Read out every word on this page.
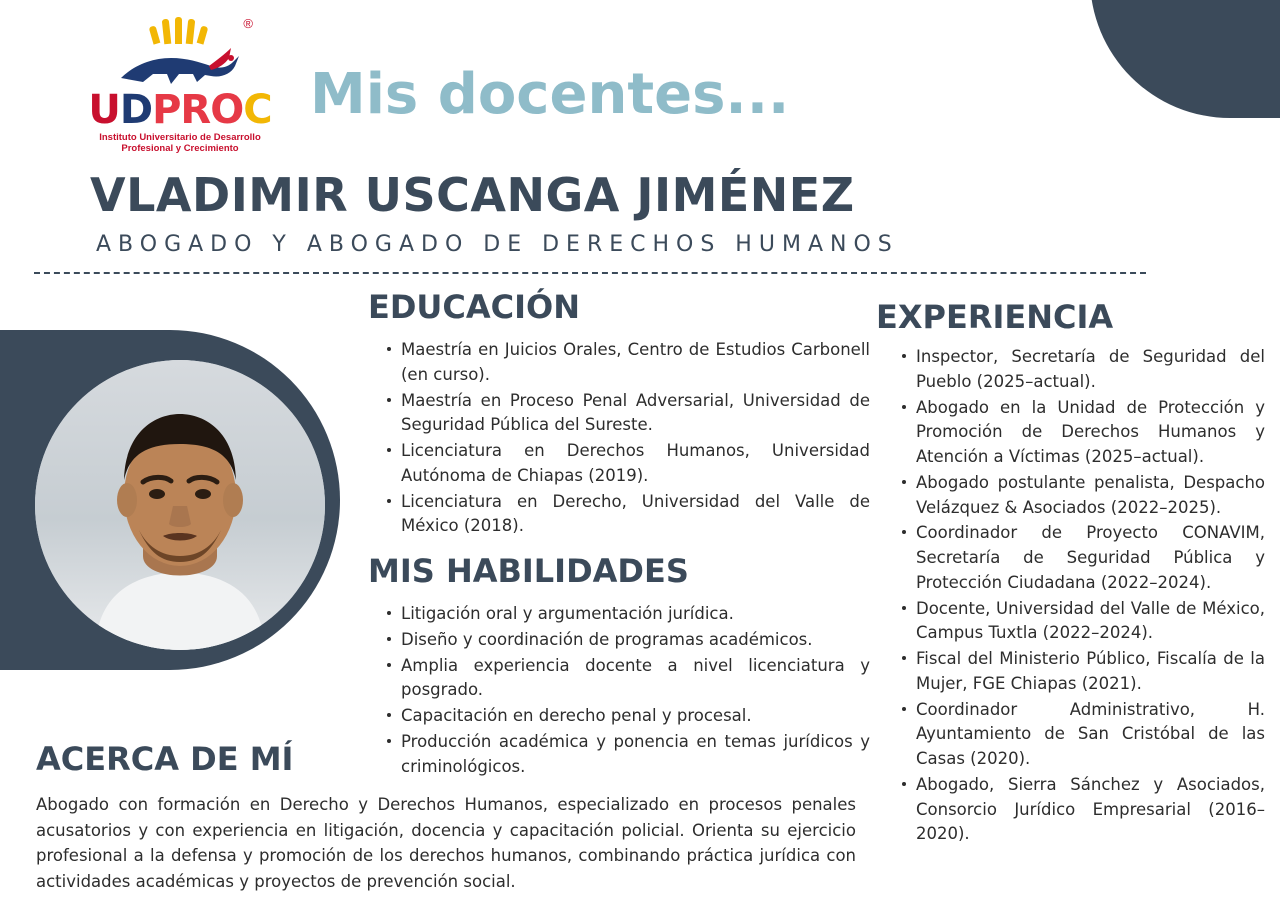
®
UDPROC
Instituto Universitario de Desarrollo
Profesional y Crecimiento
Mis docentes...
VLADIMIR USCANGA JIMÉNEZ
ABOGADO Y ABOGADO DE DERECHOS HUMANOS
EDUCACIÓN
Maestría en Juicios Orales, Centro de Estudios Carbonell (en curso).
Maestría en Proceso Penal Adversarial, Universidad de Seguridad Pública del Sureste.
Licenciatura en Derechos Humanos, Universidad Autónoma de Chiapas (2019).
Licenciatura en Derecho, Universidad del Valle de México (2018).
MIS HABILIDADES
Litigación oral y argumentación jurídica.
Diseño y coordinación de programas académicos.
Amplia experiencia docente a nivel licenciatura y posgrado.
Capacitación en derecho penal y procesal.
Producción académica y ponencia en temas jurídicos y criminológicos.
EXPERIENCIA
Inspector, Secretaría de Seguridad del Pueblo (2025–actual).
Abogado en la Unidad de Protección y Promoción de Derechos Humanos y Atención a Víctimas (2025–actual).
Abogado postulante penalista, Despacho Velázquez & Asociados (2022–2025).
Coordinador de Proyecto CONAVIM, Secretaría de Seguridad Pública y Protección Ciudadana (2022–2024).
Docente, Universidad del Valle de México, Campus Tuxtla (2022–2024).
Fiscal del Ministerio Público, Fiscalía de la Mujer, FGE Chiapas (2021).
Coordinador Administrativo, H. Ayuntamiento de San Cristóbal de las Casas (2020).
Abogado, Sierra Sánchez y Asociados, Consorcio Jurídico Empresarial (2016–2020).
ACERCA DE MÍ
Abogado con formación en Derecho y Derechos Humanos, especializado en procesos penales acusatorios y con experiencia en litigación, docencia y capacitación policial. Orienta su ejercicio profesional a la defensa y promoción de los derechos humanos, combinando práctica jurídica con actividades académicas y proyectos de prevención social.
